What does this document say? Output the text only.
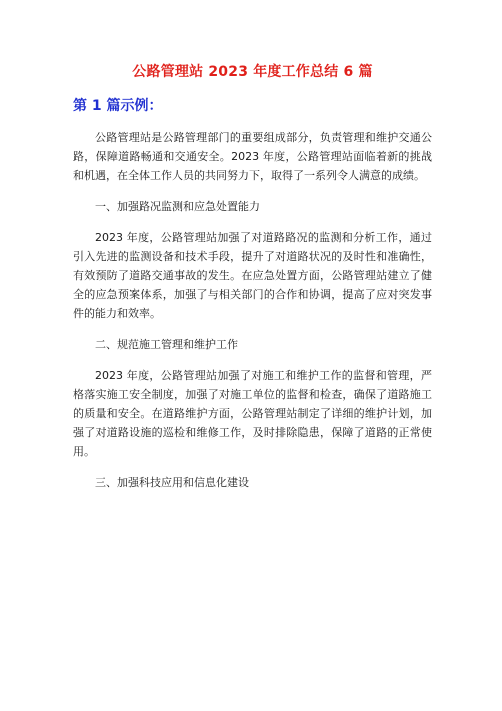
公路管理站 2023 年度工作总结 6 篇
第 1 篇示例：

公路管理站是公路管理部门的重要组成部分，负责管理和维护交通公路，保障道路畅通和交通安全。2023 年度，公路管理站面临着新的挑战和机遇，在全体工作人员的共同努力下，取得了一系列令人满意的成绩。

一、加强路况监测和应急处置能力

2023 年度，公路管理站加强了对道路路况的监测和分析工作，通过引入先进的监测设备和技术手段，提升了对道路状况的及时性和准确性，有效预防了道路交通事故的发生。在应急处置方面，公路管理站建立了健全的应急预案体系，加强了与相关部门的合作和协调，提高了应对突发事件的能力和效率。

二、规范施工管理和维护工作

2023 年度，公路管理站加强了对施工和维护工作的监督和管理，严格落实施工安全制度，加强了对施工单位的监督和检查，确保了道路施工的质量和安全。在道路维护方面，公路管理站制定了详细的维护计划，加强了对道路设施的巡检和维修工作，及时排除隐患，保障了道路的正常使用。

三、加强科技应用和信息化建设
